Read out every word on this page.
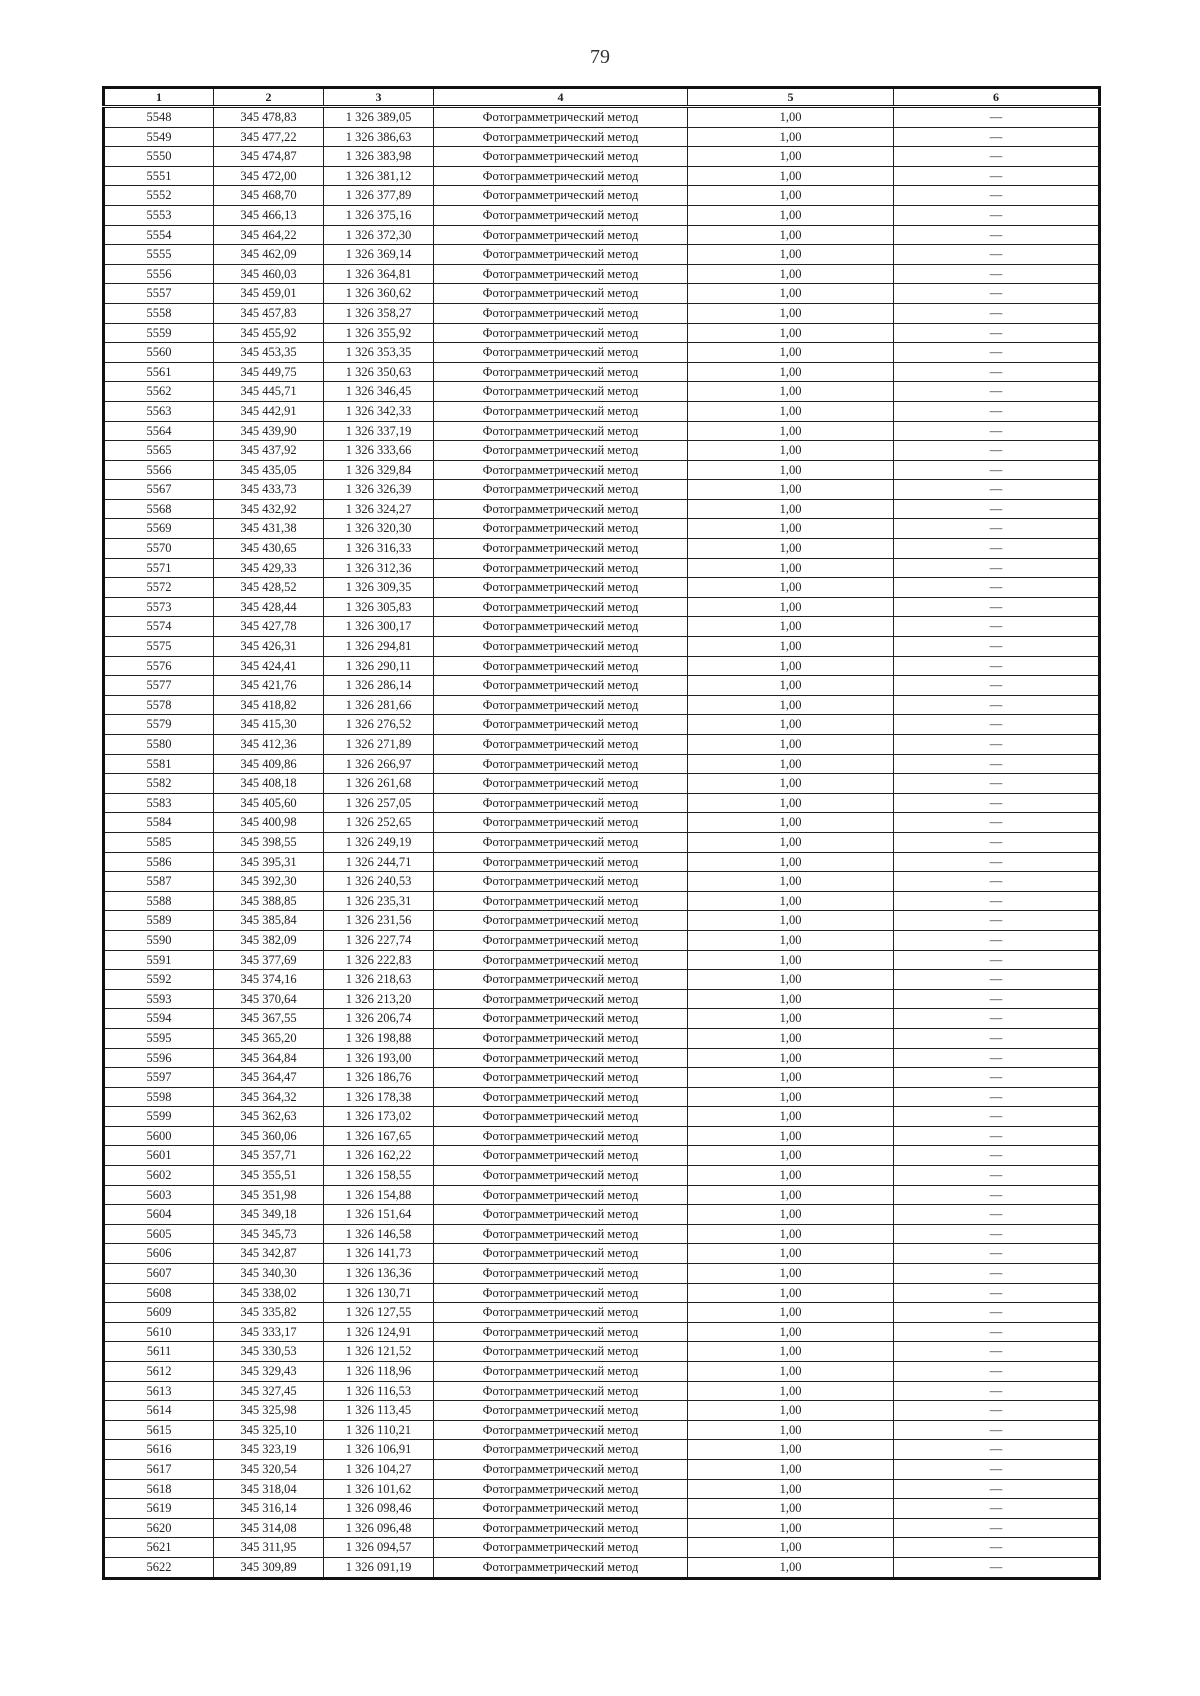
79
1	2	3	4	5	6
5548	345 478,83	1 326 389,05	Фотограмметрический метод	1,00	—
5549	345 477,22	1 326 386,63	Фотограмметрический метод	1,00	—
5550	345 474,87	1 326 383,98	Фотограмметрический метод	1,00	—
5551	345 472,00	1 326 381,12	Фотограмметрический метод	1,00	—
5552	345 468,70	1 326 377,89	Фотограмметрический метод	1,00	—
5553	345 466,13	1 326 375,16	Фотограмметрический метод	1,00	—
5554	345 464,22	1 326 372,30	Фотограмметрический метод	1,00	—
5555	345 462,09	1 326 369,14	Фотограмметрический метод	1,00	—
5556	345 460,03	1 326 364,81	Фотограмметрический метод	1,00	—
5557	345 459,01	1 326 360,62	Фотограмметрический метод	1,00	—
5558	345 457,83	1 326 358,27	Фотограмметрический метод	1,00	—
5559	345 455,92	1 326 355,92	Фотограмметрический метод	1,00	—
5560	345 453,35	1 326 353,35	Фотограмметрический метод	1,00	—
5561	345 449,75	1 326 350,63	Фотограмметрический метод	1,00	—
5562	345 445,71	1 326 346,45	Фотограмметрический метод	1,00	—
5563	345 442,91	1 326 342,33	Фотограмметрический метод	1,00	—
5564	345 439,90	1 326 337,19	Фотограмметрический метод	1,00	—
5565	345 437,92	1 326 333,66	Фотограмметрический метод	1,00	—
5566	345 435,05	1 326 329,84	Фотограмметрический метод	1,00	—
5567	345 433,73	1 326 326,39	Фотограмметрический метод	1,00	—
5568	345 432,92	1 326 324,27	Фотограмметрический метод	1,00	—
5569	345 431,38	1 326 320,30	Фотограмметрический метод	1,00	—
5570	345 430,65	1 326 316,33	Фотограмметрический метод	1,00	—
5571	345 429,33	1 326 312,36	Фотограмметрический метод	1,00	—
5572	345 428,52	1 326 309,35	Фотограмметрический метод	1,00	—
5573	345 428,44	1 326 305,83	Фотограмметрический метод	1,00	—
5574	345 427,78	1 326 300,17	Фотограмметрический метод	1,00	—
5575	345 426,31	1 326 294,81	Фотограмметрический метод	1,00	—
5576	345 424,41	1 326 290,11	Фотограмметрический метод	1,00	—
5577	345 421,76	1 326 286,14	Фотограмметрический метод	1,00	—
5578	345 418,82	1 326 281,66	Фотограмметрический метод	1,00	—
5579	345 415,30	1 326 276,52	Фотограмметрический метод	1,00	—
5580	345 412,36	1 326 271,89	Фотограмметрический метод	1,00	—
5581	345 409,86	1 326 266,97	Фотограмметрический метод	1,00	—
5582	345 408,18	1 326 261,68	Фотограмметрический метод	1,00	—
5583	345 405,60	1 326 257,05	Фотограмметрический метод	1,00	—
5584	345 400,98	1 326 252,65	Фотограмметрический метод	1,00	—
5585	345 398,55	1 326 249,19	Фотограмметрический метод	1,00	—
5586	345 395,31	1 326 244,71	Фотограмметрический метод	1,00	—
5587	345 392,30	1 326 240,53	Фотограмметрический метод	1,00	—
5588	345 388,85	1 326 235,31	Фотограмметрический метод	1,00	—
5589	345 385,84	1 326 231,56	Фотограмметрический метод	1,00	—
5590	345 382,09	1 326 227,74	Фотограмметрический метод	1,00	—
5591	345 377,69	1 326 222,83	Фотограмметрический метод	1,00	—
5592	345 374,16	1 326 218,63	Фотограмметрический метод	1,00	—
5593	345 370,64	1 326 213,20	Фотограмметрический метод	1,00	—
5594	345 367,55	1 326 206,74	Фотограмметрический метод	1,00	—
5595	345 365,20	1 326 198,88	Фотограмметрический метод	1,00	—
5596	345 364,84	1 326 193,00	Фотограмметрический метод	1,00	—
5597	345 364,47	1 326 186,76	Фотограмметрический метод	1,00	—
5598	345 364,32	1 326 178,38	Фотограмметрический метод	1,00	—
5599	345 362,63	1 326 173,02	Фотограмметрический метод	1,00	—
5600	345 360,06	1 326 167,65	Фотограмметрический метод	1,00	—
5601	345 357,71	1 326 162,22	Фотограмметрический метод	1,00	—
5602	345 355,51	1 326 158,55	Фотограмметрический метод	1,00	—
5603	345 351,98	1 326 154,88	Фотограмметрический метод	1,00	—
5604	345 349,18	1 326 151,64	Фотограмметрический метод	1,00	—
5605	345 345,73	1 326 146,58	Фотограмметрический метод	1,00	—
5606	345 342,87	1 326 141,73	Фотограмметрический метод	1,00	—
5607	345 340,30	1 326 136,36	Фотограмметрический метод	1,00	—
5608	345 338,02	1 326 130,71	Фотограмметрический метод	1,00	—
5609	345 335,82	1 326 127,55	Фотограмметрический метод	1,00	—
5610	345 333,17	1 326 124,91	Фотограмметрический метод	1,00	—
5611	345 330,53	1 326 121,52	Фотограмметрический метод	1,00	—
5612	345 329,43	1 326 118,96	Фотограмметрический метод	1,00	—
5613	345 327,45	1 326 116,53	Фотограмметрический метод	1,00	—
5614	345 325,98	1 326 113,45	Фотограмметрический метод	1,00	—
5615	345 325,10	1 326 110,21	Фотограмметрический метод	1,00	—
5616	345 323,19	1 326 106,91	Фотограмметрический метод	1,00	—
5617	345 320,54	1 326 104,27	Фотограмметрический метод	1,00	—
5618	345 318,04	1 326 101,62	Фотограмметрический метод	1,00	—
5619	345 316,14	1 326 098,46	Фотограмметрический метод	1,00	—
5620	345 314,08	1 326 096,48	Фотограмметрический метод	1,00	—
5621	345 311,95	1 326 094,57	Фотограмметрический метод	1,00	—
5622	345 309,89	1 326 091,19	Фотограмметрический метод	1,00	—
